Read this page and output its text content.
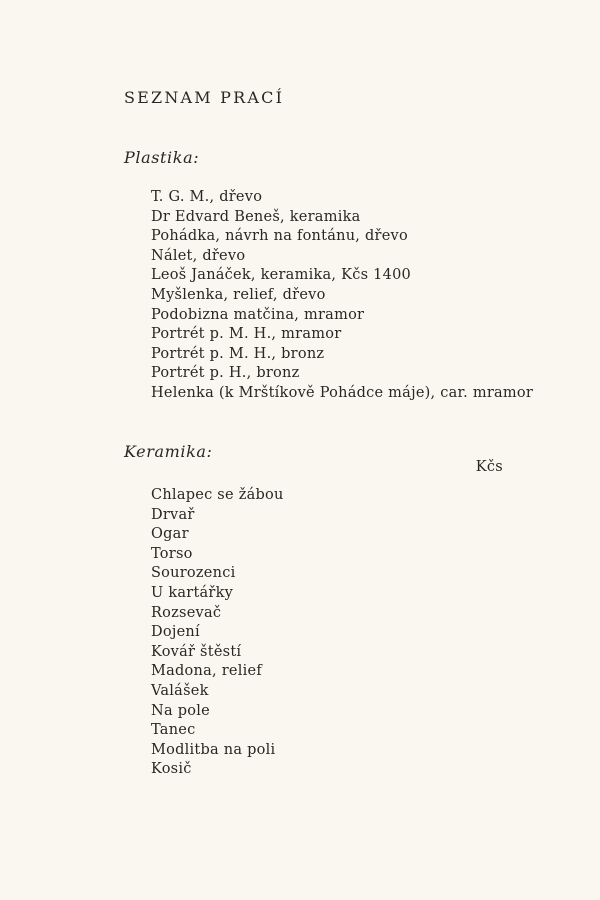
SEZNAM PRACÍ
Plastika:
T. G. M., dřevo
Dr Edvard Beneš, keramika
Pohádka, návrh na fontánu, dřevo
Nálet, dřevo
Leoš Janáček, keramika, Kčs 1400
Myšlenka, relief, dřevo
Podobizna matčina, mramor
Portrét p. M. H., mramor
Portrét p. M. H., bronz
Portrét p. H., bronz
Helenka (k Mrštíkově Pohádce máje), car. mramor
Keramika:
Kčs
Chlapec se žábou
Drvař
Ogar
Torso
Sourozenci
U kartářky
Rozsevač
Dojení
Kovář štěstí
Madona, relief
Valášek
Na pole
Tanec
Modlitba na poli
Kosič
